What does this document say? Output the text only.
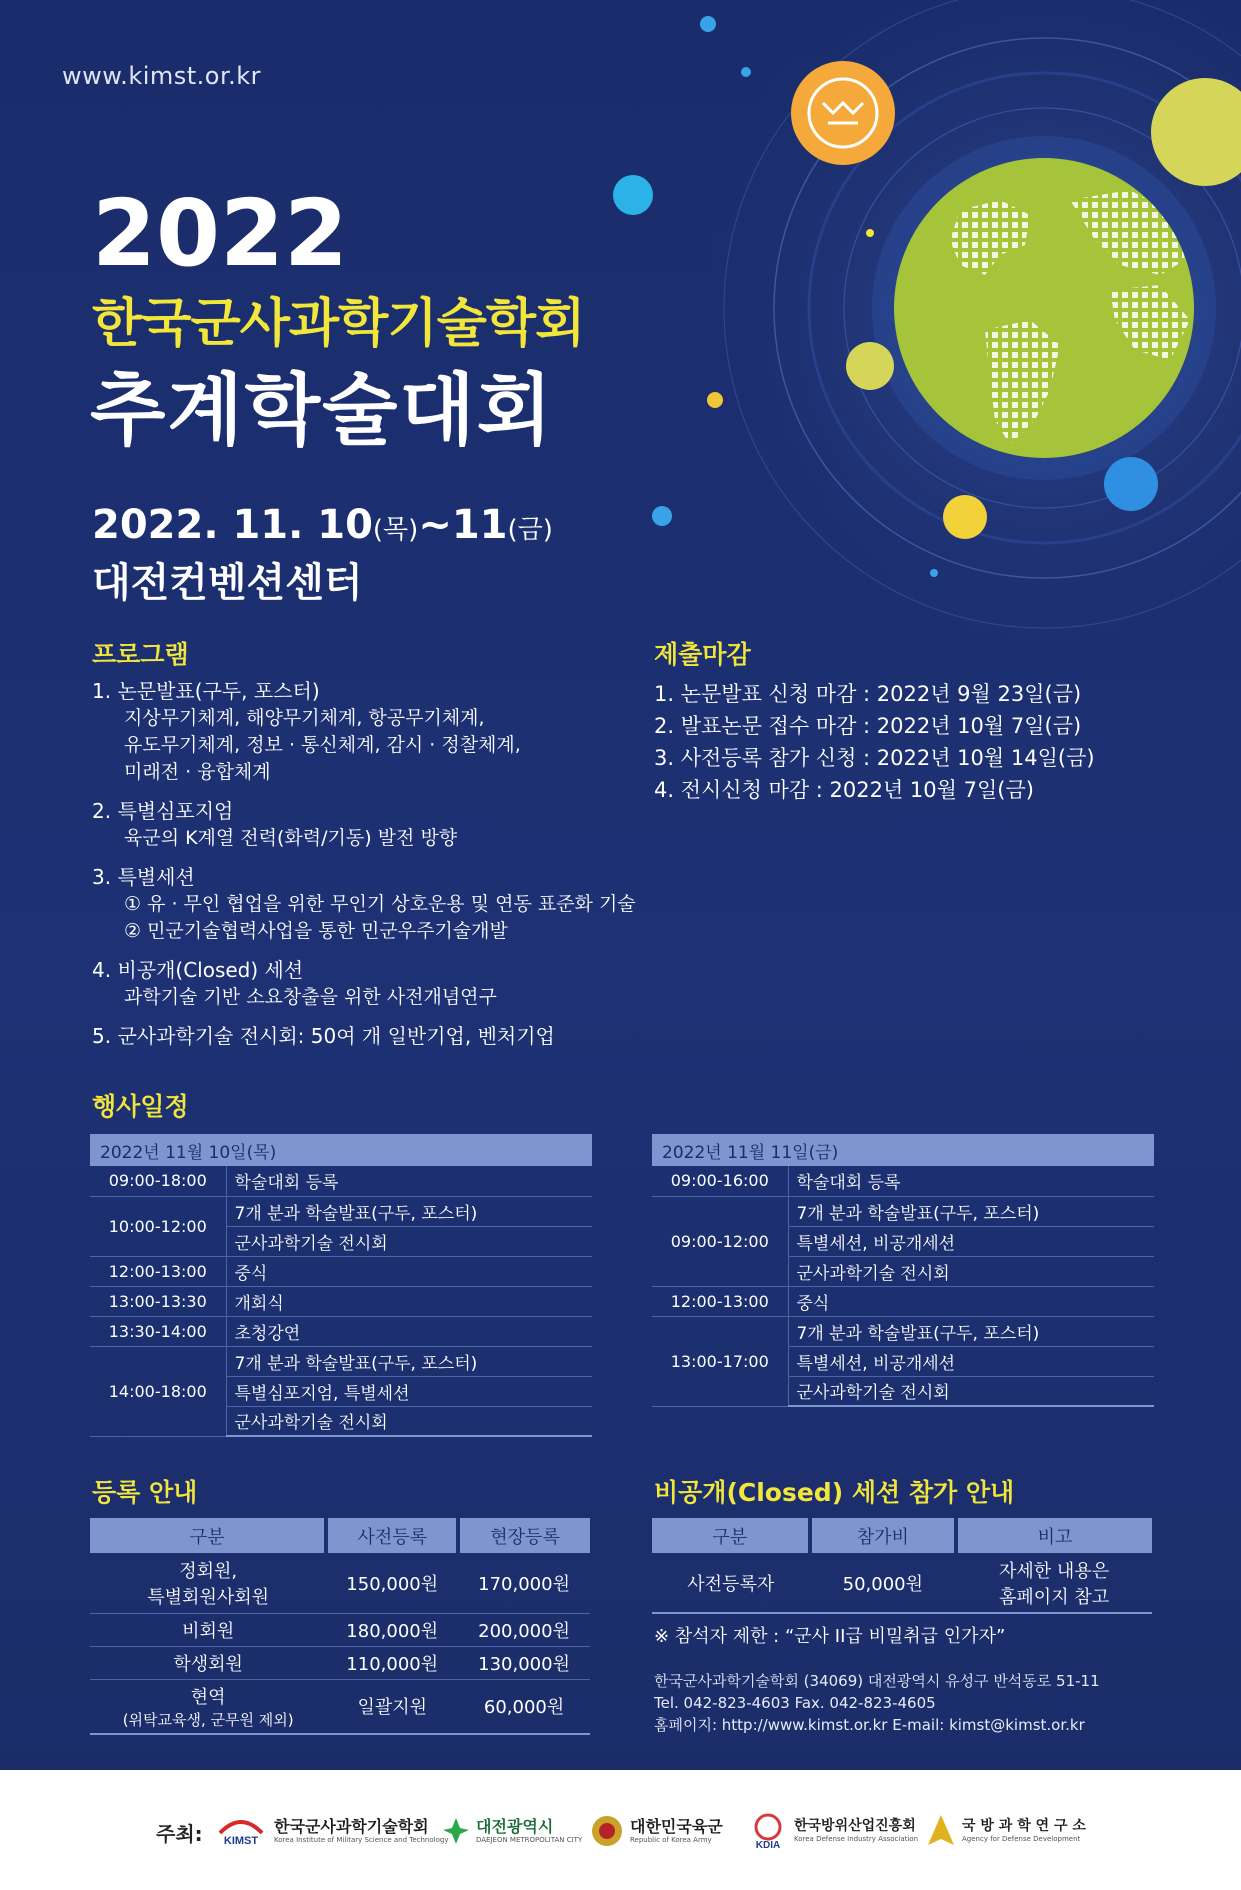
www.kimst.or.kr
2022
한국군사과학기술학회
추계학술대회
2022. 11. 10(목)~11(금)
대전컨벤션센터
프로그램
1. 논문발표(구두, 포스터)
지상무기체계, 해양무기체계, 항공무기체계,
유도무기체계, 정보 · 통신체계, 감시 · 정찰체계,
미래전 · 융합체계
2. 특별심포지엄
육군의 K계열 전력(화력/기동) 발전 방향
3. 특별세션
① 유 · 무인 협업을 위한 무인기 상호운용 및 연동 표준화 기술
② 민군기술협력사업을 통한 민군우주기술개발
4. 비공개(Closed) 세션
과학기술 기반 소요창출을 위한 사전개념연구
5. 군사과학기술 전시회: 50여 개 일반기업, 벤처기업
제출마감
1. 논문발표 신청 마감 : 2022년 9월 23일(금)
2. 발표논문 접수 마감 : 2022년 10월 7일(금)
3. 사전등록 참가 신청 : 2022년 10월 14일(금)
4. 전시신청 마감 : 2022년 10월 7일(금)
행사일정
2022년 11월 10일(목)	
09:00-18:00	학술대회 등록
10:00-12:00	7개 분과 학술발표(구두, 포스터)
	군사과학기술 전시회
12:00-13:00	중식
13:00-13:30	개회식
13:30-14:00	초청강연
14:00-18:00	7개 분과 학술발표(구두, 포스터)
	특별심포지엄, 특별세션
	군사과학기술 전시회
2022년 11월 11일(금)	
09:00-16:00	학술대회 등록
09:00-12:00	7개 분과 학술발표(구두, 포스터)
	특별세션, 비공개세션
	군사과학기술 전시회
12:00-13:00	중식
13:00-17:00	7개 분과 학술발표(구두, 포스터)
	특별세션, 비공개세션
	군사과학기술 전시회
등록 안내
구분	사전등록	현장등록

정회원,
특별회원사회원	150,000원	170,000원

비회원	180,000원	200,000원

학생회원	110,000원	130,000원

현역
(위탁교육생, 군무원 제외)	일괄지원	60,000원
비공개(Closed) 세션 참가 안내
구분	참가비	비고

사전등록자	50,000원	자세한 내용은
홈페이지 참고
※ 참석자 제한 : “군사 II급 비밀취급 인가자”
한국군사과학기술학회 (34069) 대전광역시 유성구 반석동로 51-11
Tel. 042-823-4603 Fax. 042-823-4605
홈페이지: http://www.kimst.or.kr E-mail: kimst@kimst.or.kr
주최: KIMST
한국군사과학기술학회
Korea Institute of Military Science and Technology
대전광역시
DAEJEON METROPOLITAN CITY
대한민국육군
Republic of Korea Army
KDIA
한국방위산업진흥회
Korea Defense Industry Association
국 방 과 학 연 구 소
Agency for Defense Development
